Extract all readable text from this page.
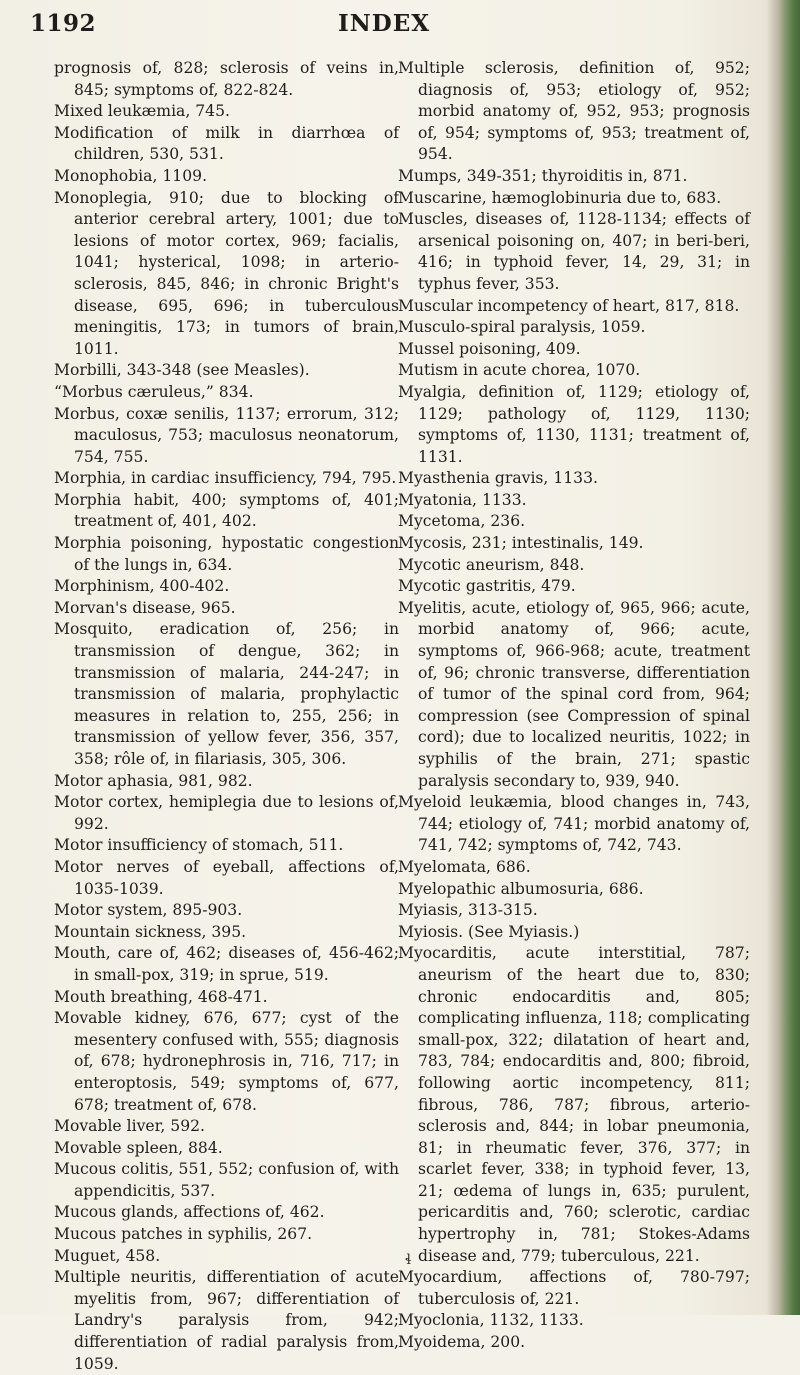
1192	INDEX

prognosis of, 828; sclerosis of veins in, 845; symptoms of, 822-824.

Mixed leukæmia, 745.

Modification of milk in diarrhœa of children, 530, 531.

Monophobia, 1109.

Monoplegia, 910; due to blocking of anterior cerebral artery, 1001; due to lesions of motor cortex, 969; facialis, 1041; hysterical, 1098; in arterio-sclerosis, 845, 846; in chronic Bright's disease, 695, 696; in tuberculous meningitis, 173; in tumors of brain, 1011.

Morbilli, 343-348 (see Measles).

“Morbus cæruleus,” 834.

Morbus, coxæ senilis, 1137; errorum, 312; maculosus, 753; maculosus neonatorum, 754, 755.

Morphia, in cardiac insufficiency, 794, 795.

Morphia habit, 400; symptoms of, 401; treatment of, 401, 402.

Morphia poisoning, hypostatic congestion of the lungs in, 634.

Morphinism, 400-402.

Morvan's disease, 965.

Mosquito, eradication of, 256; in transmission of dengue, 362; in transmission of malaria, 244-247; in transmission of malaria, prophylactic measures in relation to, 255, 256; in transmission of yellow fever, 356, 357, 358; rôle of, in filariasis, 305, 306.

Motor aphasia, 981, 982.

Motor cortex, hemiplegia due to lesions of, 992.

Motor insufficiency of stomach, 511.

Motor nerves of eyeball, affections of, 1035-1039.

Motor system, 895-903.

Mountain sickness, 395.

Mouth, care of, 462; diseases of, 456-462; in small-pox, 319; in sprue, 519.

Mouth breathing, 468-471.

Movable kidney, 676, 677; cyst of the mesentery confused with, 555; diagnosis of, 678; hydronephrosis in, 716, 717; in enteroptosis, 549; symptoms of, 677, 678; treatment of, 678.

Movable liver, 592.

Movable spleen, 884.

Mucous colitis, 551, 552; confusion of, with appendicitis, 537.

Mucous glands, affections of, 462.

Mucous patches in syphilis, 267.

Muguet, 458.

Multiple neuritis, differentiation of acute myelitis from, 967; differentiation of Landry's paralysis from, 942; differentiation of radial paralysis from, 1059.

Multiple sclerosis, definition of, 952; diagnosis of, 953; etiology of, 952; morbid anatomy of, 952, 953; prognosis of, 954; symptoms of, 953; treatment of, 954.

Mumps, 349-351; thyroiditis in, 871.

Muscarine, hæmoglobinuria due to, 683.

Muscles, diseases of, 1128-1134; effects of arsenical poisoning on, 407; in beri-beri, 416; in typhoid fever, 14, 29, 31; in typhus fever, 353.

Muscular incompetency of heart, 817, 818.

Musculo-spiral paralysis, 1059.

Mussel poisoning, 409.

Mutism in acute chorea, 1070.

Myalgia, definition of, 1129; etiology of, 1129; pathology of, 1129, 1130; symptoms of, 1130, 1131; treatment of, 1131.

Myasthenia gravis, 1133.

Myatonia, 1133.

Mycetoma, 236.

Mycosis, 231; intestinalis, 149.

Mycotic aneurism, 848.

Mycotic gastritis, 479.

Myelitis, acute, etiology of, 965, 966; acute, morbid anatomy of, 966; acute, symptoms of, 966-968; acute, treatment of, 96; chronic transverse, differentiation of tumor of the spinal cord from, 964; compression (see Compression of spinal cord); due to localized neuritis, 1022; in syphilis of the brain, 271; spastic paralysis secondary to, 939, 940.

Myeloid leukæmia, blood changes in, 743, 744; etiology of, 741; morbid anatomy of, 741, 742; symptoms of, 742, 743.

Myelomata, 686.

Myelopathic albumosuria, 686.

Myiasis, 313-315.

Myiosis. (See Myiasis.)

Myocarditis, acute interstitial, 787; aneurism of the heart due to, 830; chronic endocarditis and, 805; complicating influenza, 118; complicating small-pox, 322; dilatation of heart and, 783, 784; endocarditis and, 800; fibroid, following aortic incompetency, 811; fibrous, 786, 787; fibrous, arterio-sclerosis and, 844; in lobar pneumonia, 81; in rheumatic fever, 376, 377; in scarlet fever, 338; in typhoid fever, 13, 21; œdema of lungs in, 635; purulent, pericarditis and, 760; sclerotic, cardiac hypertrophy in, 781; Stokes-Adams disease and, 779; tuberculous, 221.

Myocardium, affections of, 780-797; tuberculosis of, 221.

Myoclonia, 1132, 1133.

Myoidema, 200.

ɬ
